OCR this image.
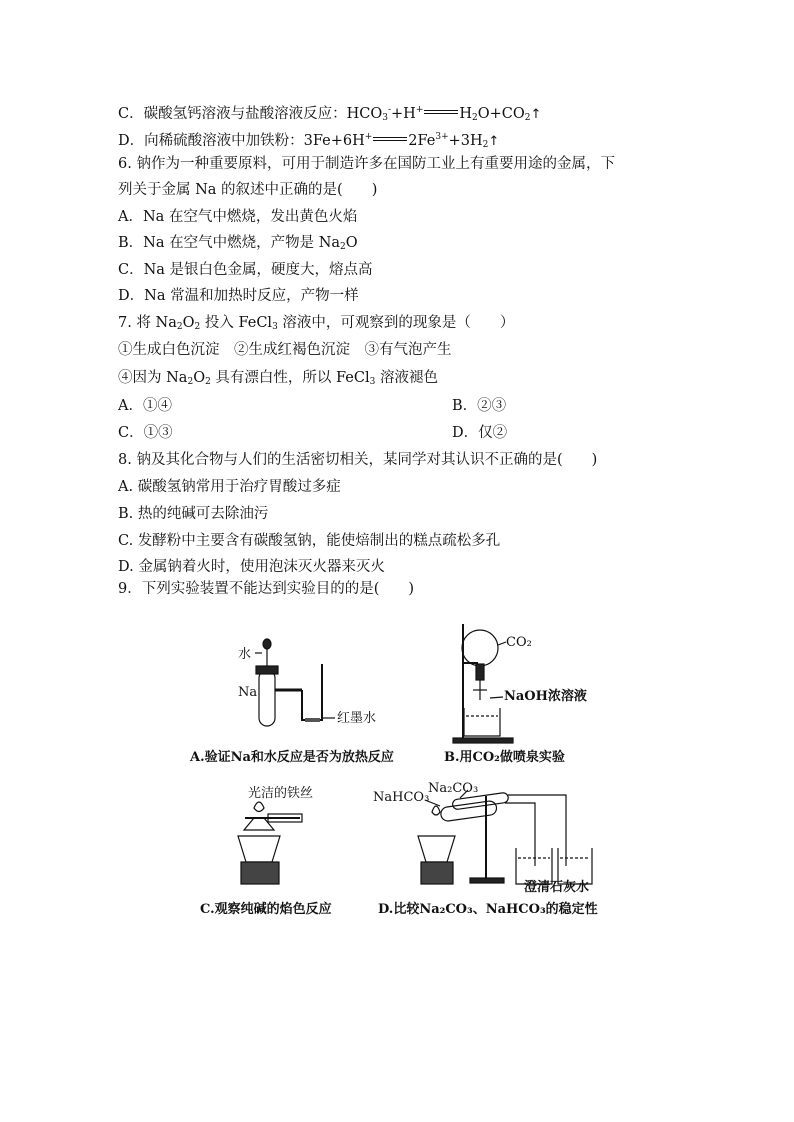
C．碳酸氢钙溶液与盐酸溶液反应：$HCO_3^-+H^+$ $H_2O+CO_2↑$
D．向稀硫酸溶液中加铁粉：3Fe+6H+ $2Fe^{3+}+3H_2↑$
6. 钠作为一种重要原料，可用于制造许多在国防工业上有重要用途的金属，下
列关于金属 Na 的叙述中正确的是(　　)
A．Na 在空气中燃烧，发出黄色火焰
B．Na 在空气中燃烧，产物是 $Na_2O$
C．Na 是银白色金属，硬度大，熔点高
D．Na 常温和加热时反应，产物一样
7. 将 $Na_2O_2$ 投入 FeCl$_3$ 溶液中，可观察到的现象是（　　）
①生成白色沉淀　②生成红褐色沉淀　③有气泡产生
④因为 $Na_2O_2$ 具有漂白性，所以 FeCl$_3$ 溶液褪色
A．①④	B．②③
C．①③	D．仅②
8. 钠及其化合物与人们的生活密切相关，某同学对其认识不正确的是(　　)
A. 碳酸氢钠常用于治疗胃酸过多症
B. 热的纯碱可去除油污
C. 发酵粉中主要含有碳酸氢钠，能使焙制出的糕点疏松多孔
D. 金属钠着火时，使用泡沫灭火器来灭火
9．下列实验装置不能达到实验目的的是(　　)
水
Na
红墨水
A.验证Na和水反应是否为放热反应
CO₂
NaOH浓溶液
B.用CO₂做喷泉实验
光洁的铁丝
C.观察纯碱的焰色反应
NaHCO₃
Na₂CO₃
澄清石灰水
D.比较Na₂CO₃、NaHCO₃的稳定性
